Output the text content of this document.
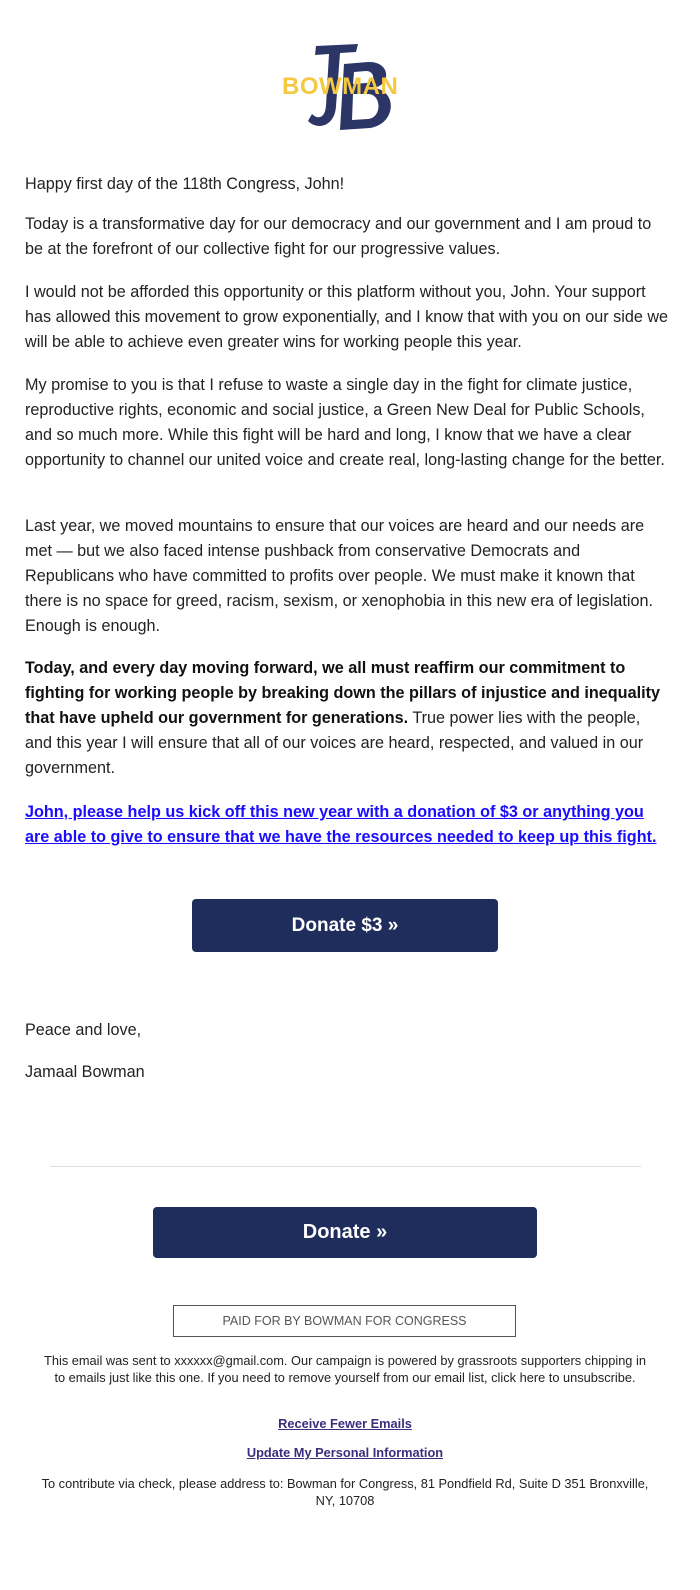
BOWMAN

Happy first day of the 118th Congress, John!

Today is a transformative day for our democracy and our government and I am proud to be at the forefront of our collective fight for our progressive values.

I would not be afforded this opportunity or this platform without you, John. Your support has allowed this movement to grow exponentially, and I know that with you on our side we will be able to achieve even greater wins for working people this year.

My promise to you is that I refuse to waste a single day in the fight for climate justice, reproductive rights, economic and social justice, a Green New Deal for Public Schools, and so much more. While this fight will be hard and long, I know that we have a clear opportunity to channel our united voice and create real, long-lasting change for the better.

Last year, we moved mountains to ensure that our voices are heard and our needs are met — but we also faced intense pushback from conservative Democrats and Republicans who have committed to profits over people. We must make it known that there is no space for greed, racism, sexism, or xenophobia in this new era of legislation. Enough is enough.

Today, and every day moving forward, we all must reaffirm our commitment to fighting for working people by breaking down the pillars of injustice and inequality that have upheld our government for generations. True power lies with the people, and this year I will ensure that all of our voices are heard, respected, and valued in our government.

John, please help us kick off this new year with a donation of $3 or anything you are able to give to ensure that we have the resources needed to keep up this fight.

Donate $3 »

Peace and love,

Jamaal Bowman

Donate »
PAID FOR BY BOWMAN FOR CONGRESS
This email was sent to xxxxxx@gmail.com. Our campaign is powered by grassroots supporters chipping in to emails just like this one. If you need to remove yourself from our email list, click here to unsubscribe.
Receive Fewer Emails
Update My Personal Information
To contribute via check, please address to: Bowman for Congress, 81 Pondfield Rd, Suite D 351 Bronxville, NY, 10708
